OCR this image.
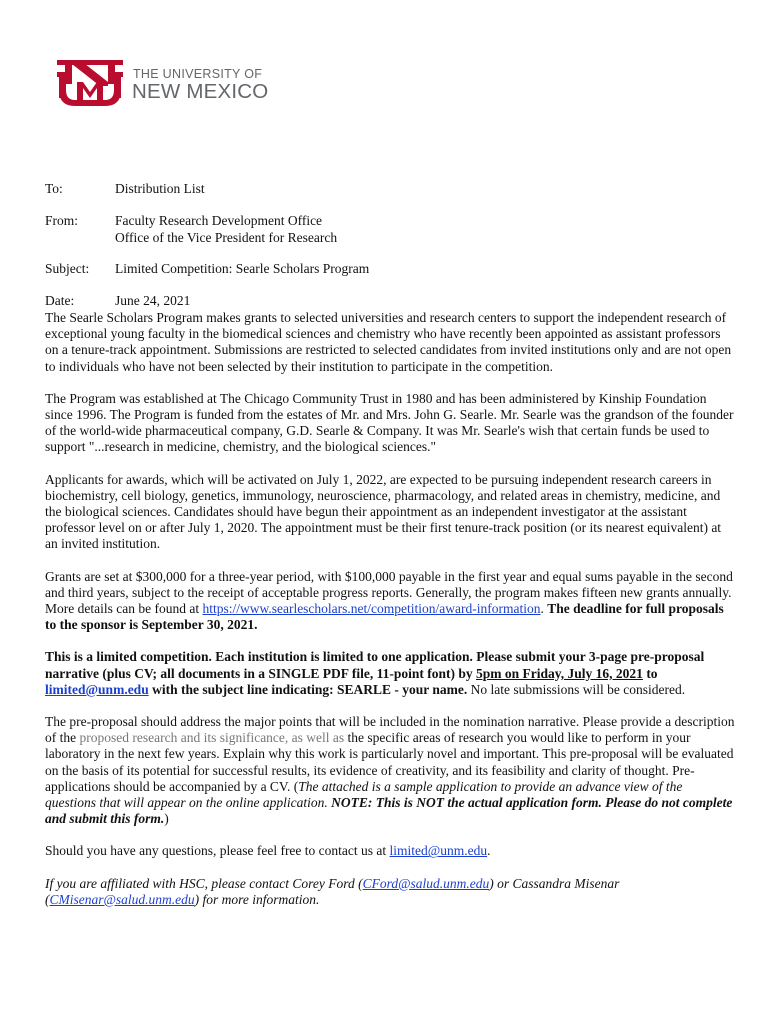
THE UNIVERSITY OF
NEW MEXICO
To:	Distribution List
From:	Faculty Research Development Office
Office of the Vice President for Research
Subject: Limited Competition: Searle Scholars Program
Date:	June 24, 2021

The Searle Scholars Program makes grants to selected universities and research centers to support the independent research of exceptional young faculty in the biomedical sciences and chemistry who have recently been appointed as assistant professors on a tenure-track appointment. Submissions are restricted to selected candidates from invited institutions only and are not open to individuals who have not been selected by their institution to participate in the competition.

The Program was established at The Chicago Community Trust in 1980 and has been administered by Kinship Foundation since 1996. The Program is funded from the estates of Mr. and Mrs. John G. Searle. Mr. Searle was the grandson of the founder of the world-wide pharmaceutical company, G.D. Searle & Company. It was Mr. Searle's wish that certain funds be used to support "...research in medicine, chemistry, and the biological sciences."

Applicants for awards, which will be activated on July 1, 2022, are expected to be pursuing independent research careers in biochemistry, cell biology, genetics, immunology, neuroscience, pharmacology, and related areas in chemistry, medicine, and the biological sciences. Candidates should have begun their appointment as an independent investigator at the assistant professor level on or after July 1, 2020. The appointment must be their first tenure-track position (or its nearest equivalent) at an invited institution.

Grants are set at $300,000 for a three-year period, with $100,000 payable in the first year and equal sums payable in the second and third years, subject to the receipt of acceptable progress reports. Generally, the program makes fifteen new grants annually. More details can be found at https://www.searlescholars.net/competition/award-information. The deadline for full proposals to the sponsor is September 30, 2021.

This is a limited competition. Each institution is limited to one application. Please submit your 3-page pre-proposal narrative (plus CV; all documents in a SINGLE PDF file, 11-point font) by 5pm on Friday, July 16, 2021 to limited@unm.edu with the subject line indicating: SEARLE - your name. No late submissions will be considered.

The pre-proposal should address the major points that will be included in the nomination narrative. Please provide a description of the proposed research and its significance, as well as the specific areas of research you would like to perform in your laboratory in the next few years. Explain why this work is particularly novel and important. This pre-proposal will be evaluated on the basis of its potential for successful results, its evidence of creativity, and its feasibility and clarity of thought. Pre-applications should be accompanied by a CV. (The attached is a sample application to provide an advance view of the questions that will appear on the online application. NOTE: This is NOT the actual application form. Please do not complete and submit this form.)

Should you have any questions, please feel free to contact us at limited@unm.edu.

If you are affiliated with HSC, please contact Corey Ford (CFord@salud.unm.edu) or Cassandra Misenar (CMisenar@salud.unm.edu) for more information.
